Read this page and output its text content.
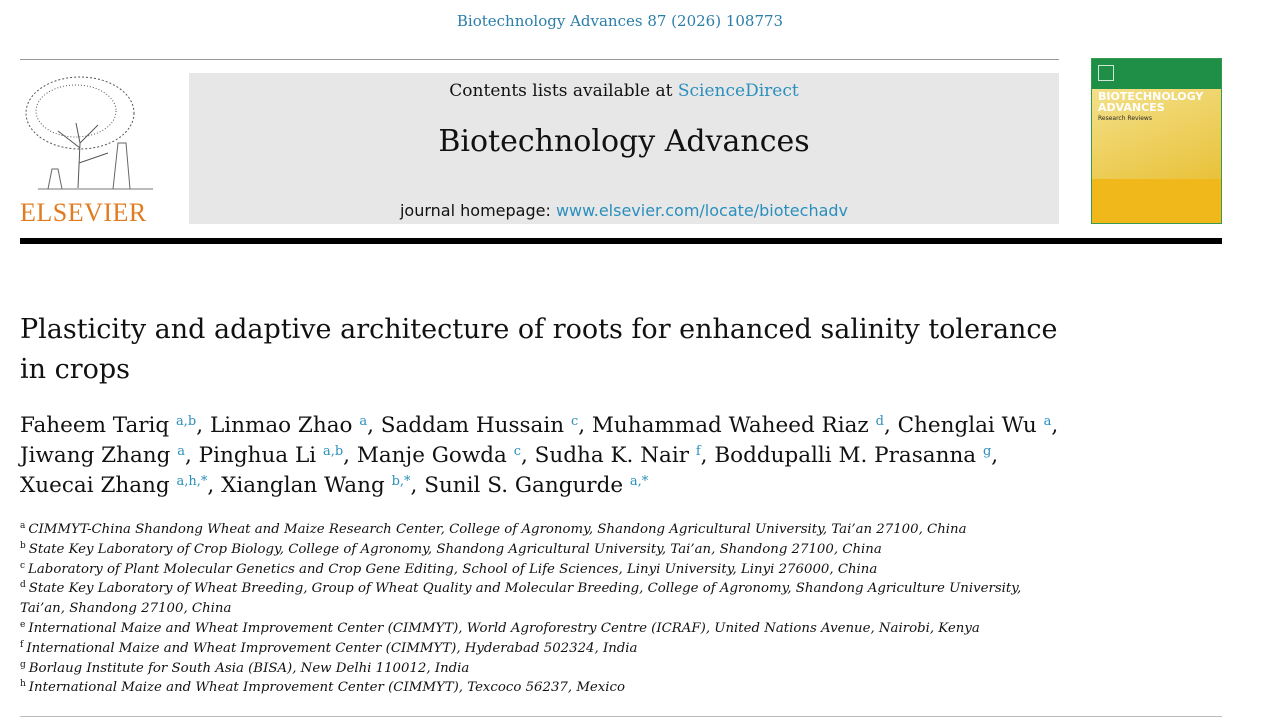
Biotechnology Advances 87 (2026) 108773
ELSEVIER
Contents lists available at ScienceDirect
Biotechnology Advances
journal homepage: www.elsevier.com/locate/biotechadv
BIOTECHNOLOGY
ADVANCES
Research Reviews
Plasticity and adaptive architecture of roots for enhanced salinity tolerance in crops
Faheem Tariq $^{a,b}$, Linmao Zhao $^a$, Saddam Hussain $^c$, Muhammad Waheed Riaz $^d$, Chenglai Wu $^a$,
Jiwang Zhang $^a$, Pinghua Li $^{a,b}$, Manje Gowda $^c$, Sudha K. Nair $^f$, Boddupalli M. Prasanna $^g$,
Xuecai Zhang $^{a,h,*}$, Xianglan Wang $^{b,*}$, Sunil S. Gangurde $^{a,*}$
$^a$ CIMMYT-China Shandong Wheat and Maize Research Center, College of Agronomy, Shandong Agricultural University, Tai’an 27100, China
$^b$ State Key Laboratory of Crop Biology, College of Agronomy, Shandong Agricultural University, Tai’an, Shandong 27100, China
$^c$ Laboratory of Plant Molecular Genetics and Crop Gene Editing, School of Life Sciences, Linyi University, Linyi 276000, China
$^d$ State Key Laboratory of Wheat Breeding, Group of Wheat Quality and Molecular Breeding, College of Agronomy, Shandong Agriculture University, Tai’an, Shandong 27100, China
$^e$ International Maize and Wheat Improvement Center (CIMMYT), World Agroforestry Centre (ICRAF), United Nations Avenue, Nairobi, Kenya
$^f$ International Maize and Wheat Improvement Center (CIMMYT), Hyderabad 502324, India
$^g$ Borlaug Institute for South Asia (BISA), New Delhi 110012, India
$^h$ International Maize and Wheat Improvement Center (CIMMYT), Texcoco 56237, Mexico
